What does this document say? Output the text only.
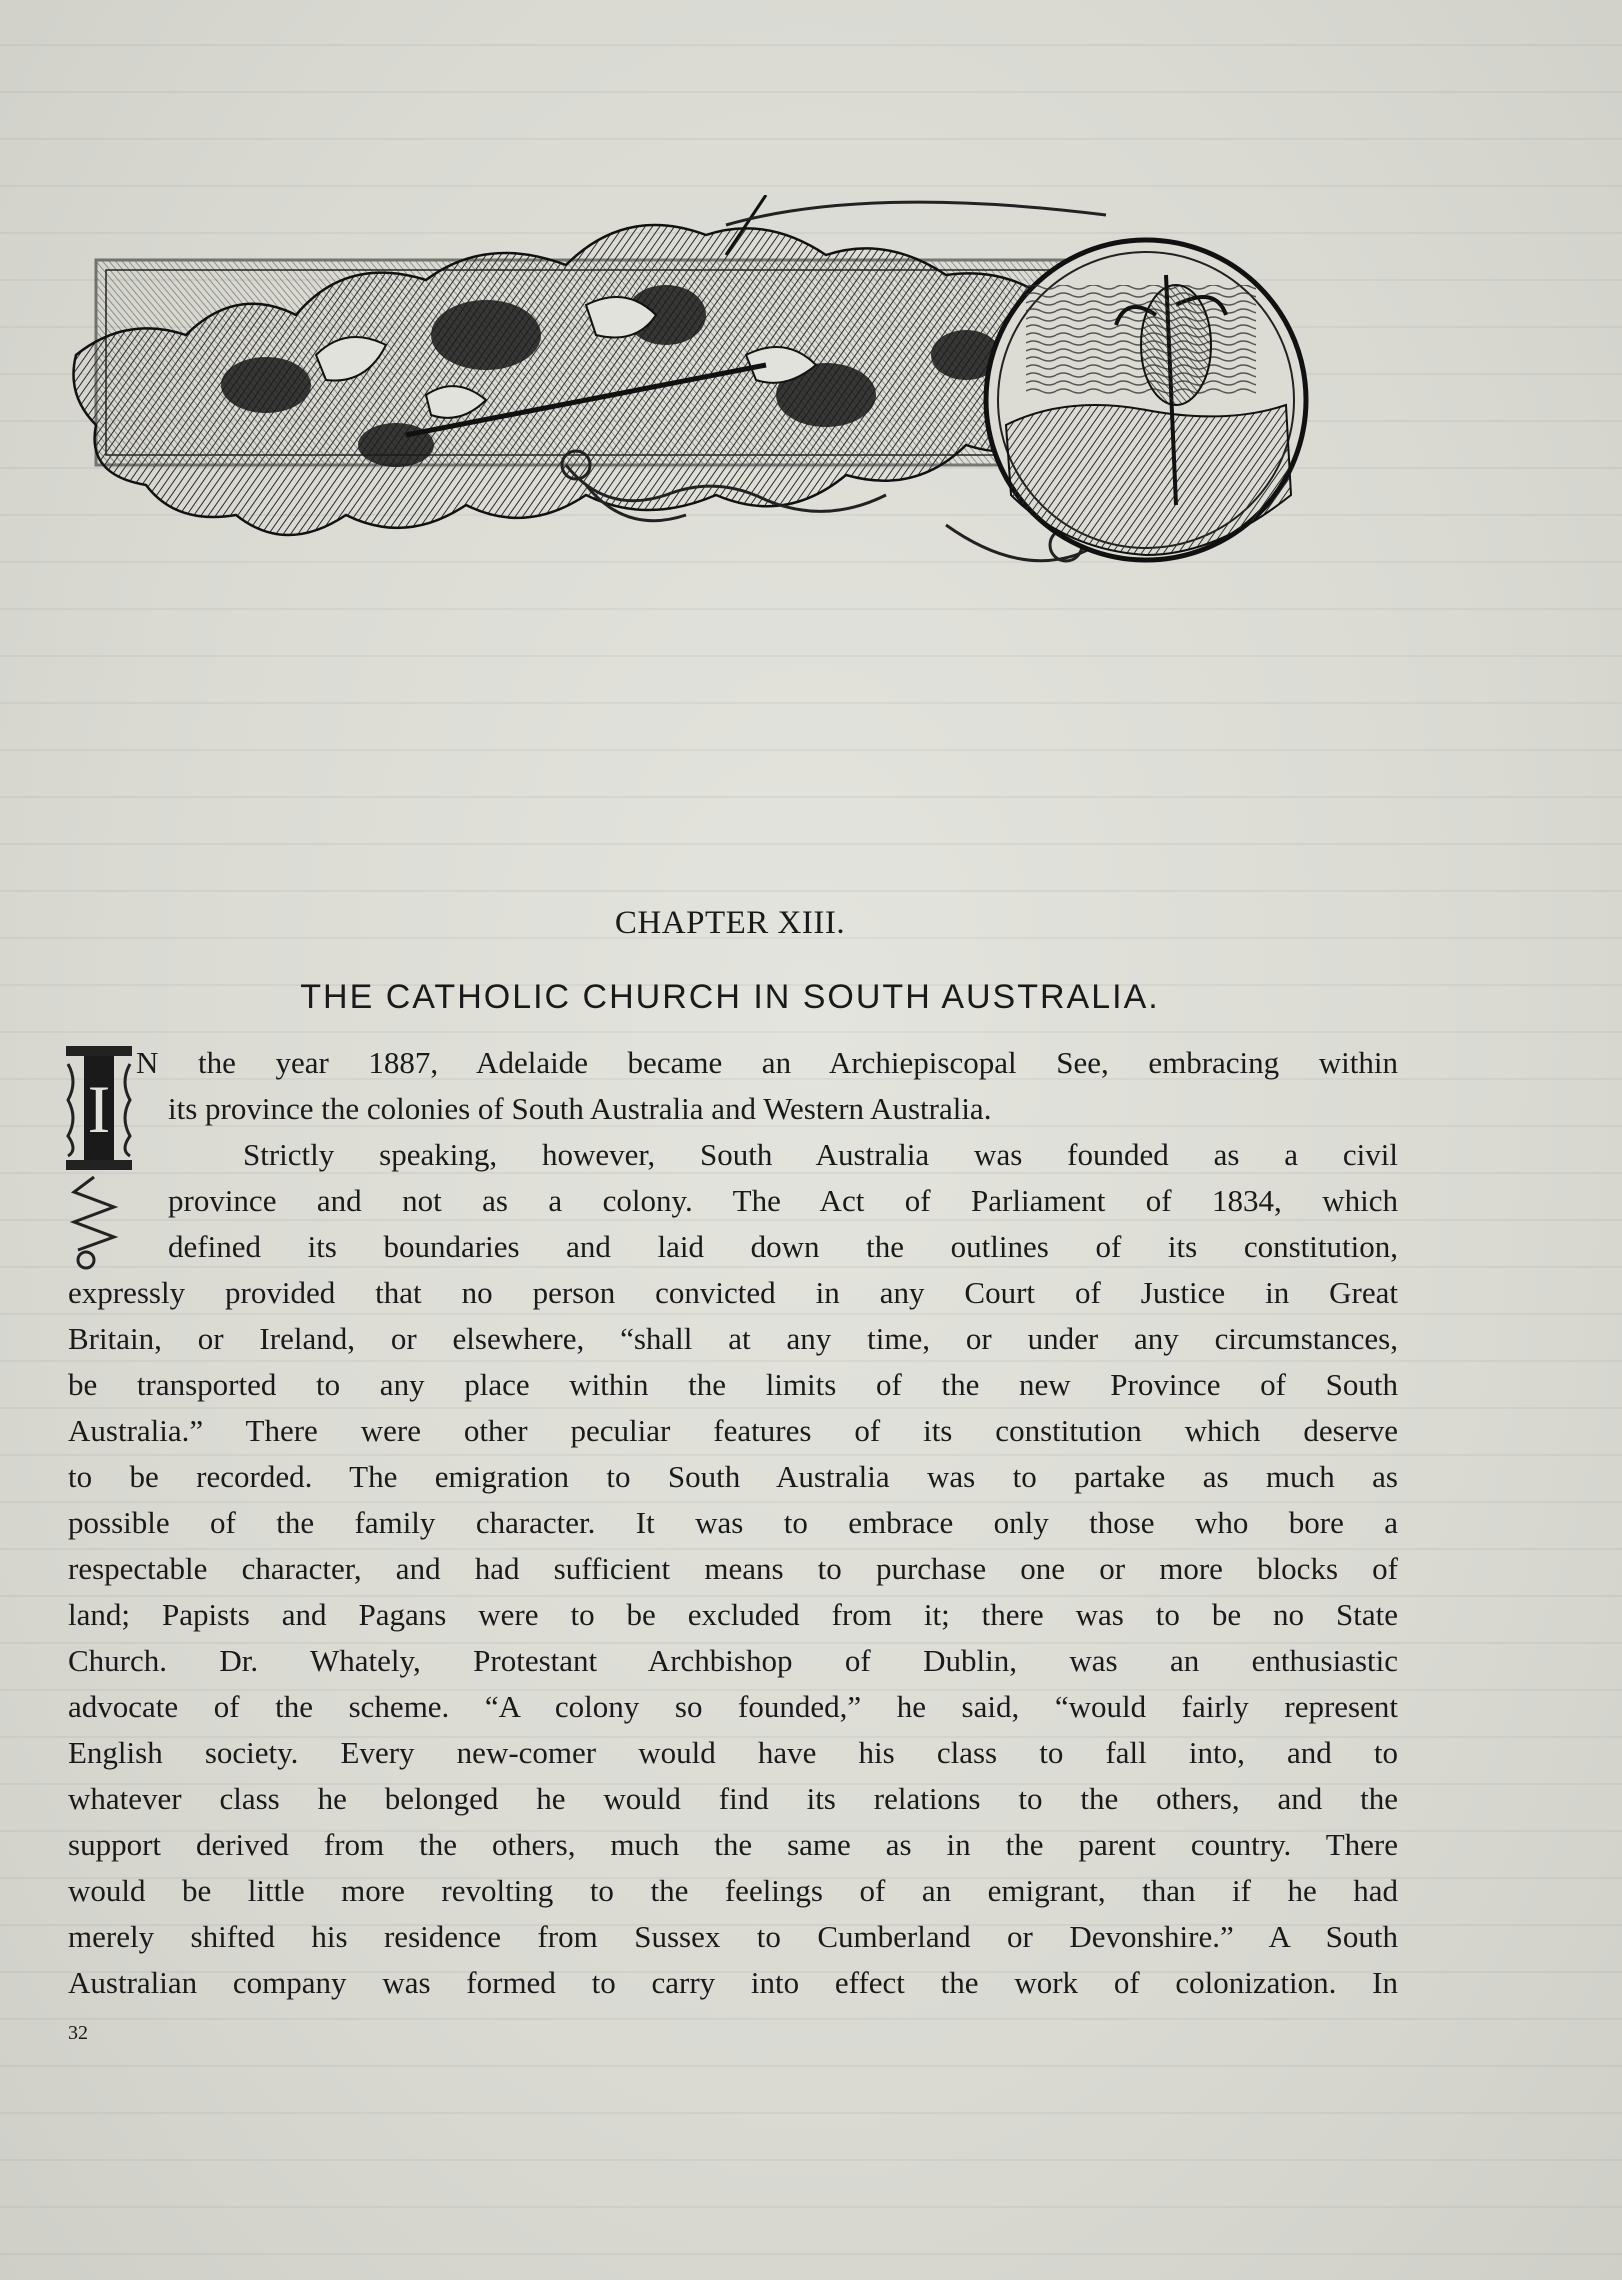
CHAPTER XIII.
THE CATHOLIC CHURCH IN SOUTH AUSTRALIA.
I
N the year 1887, Adelaide became an Archiepiscopal See, embracing within
its province the colonies of South Australia and Western Australia.
Strictly speaking, however, South Australia was founded as a civil
province and not as a colony. The Act of Parliament of 1834, which
defined its boundaries and laid down the outlines of its constitution,
expressly provided that no person convicted in any Court of Justice in Great
Britain, or Ireland, or elsewhere, “shall at any time, or under any circumstances,
be transported to any place within the limits of the new Province of South
Australia.” There were other peculiar features of its constitution which deserve
to be recorded. The emigration to South Australia was to partake as much as
possible of the family character. It was to embrace only those who bore a
respectable character, and had sufficient means to purchase one or more blocks of
land; Papists and Pagans were to be excluded from it; there was to be no State
Church. Dr. Whately, Protestant Archbishop of Dublin, was an enthusiastic
advocate of the scheme. “A colony so founded,” he said, “would fairly represent
English society. Every new-comer would have his class to fall into, and to
whatever class he belonged he would find its relations to the others, and the
support derived from the others, much the same as in the parent country. There
would be little more revolting to the feelings of an emigrant, than if he had
merely shifted his residence from Sussex to Cumberland or Devonshire.” A South
Australian company was formed to carry into effect the work of colonization. In
32
